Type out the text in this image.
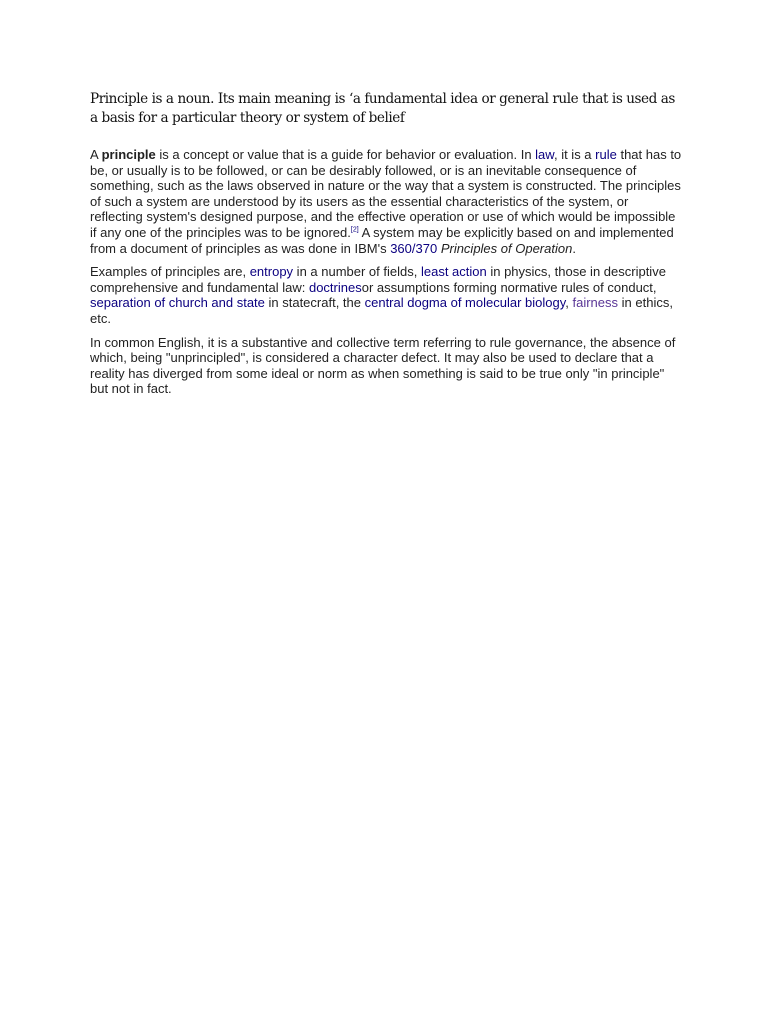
Principle is a noun. Its main meaning is ‘a fundamental idea or general rule that is used as a basis for a particular theory or system of belief

A principle is a concept or value that is a guide for behavior or evaluation. In law, it is a rule that has to be, or usually is to be followed, or can be desirably followed, or is an inevitable consequence of something, such as the laws observed in nature or the way that a system is constructed. The principles of such a system are understood by its users as the essential characteristics of the system, or reflecting system's designed purpose, and the effective operation or use of which would be impossible if any one of the principles was to be ignored.[2] A system may be explicitly based on and implemented from a document of principles as was done in IBM's 360/370 Principles of Operation.

Examples of principles are, entropy in a number of fields, least action in physics, those in descriptive comprehensive and fundamental law: doctrinesor assumptions forming normative rules of conduct, separation of church and state in statecraft, the central dogma of molecular biology, fairness in ethics, etc.

In common English, it is a substantive and collective term referring to rule governance, the absence of which, being "unprincipled", is considered a character defect. It may also be used to declare that a reality has diverged from some ideal or norm as when something is said to be true only "in principle" but not in fact.
